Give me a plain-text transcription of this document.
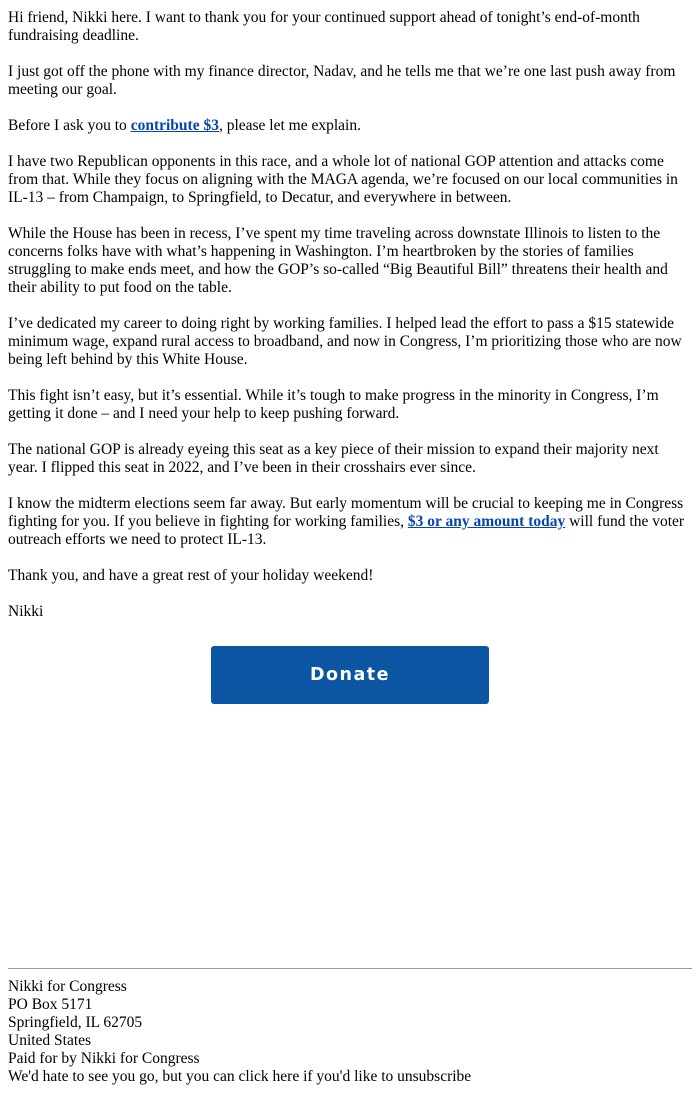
Hi friend, Nikki here. I want to thank you for your continued support ahead of tonight’s end-of-month fundraising deadline.

I just got off the phone with my finance director, Nadav, and he tells me that we’re one last push away from meeting our goal.

Before I ask you to contribute $3, please let me explain.

I have two Republican opponents in this race, and a whole lot of national GOP attention and attacks come from that. While they focus on aligning with the MAGA agenda, we’re focused on our local communities in IL-13 – from Champaign, to Springfield, to Decatur, and everywhere in between.

While the House has been in recess, I’ve spent my time traveling across downstate Illinois to listen to the concerns folks have with what’s happening in Washington. I’m heartbroken by the stories of families struggling to make ends meet, and how the GOP’s so-called “Big Beautiful Bill” threatens their health and their ability to put food on the table.

I’ve dedicated my career to doing right by working families. I helped lead the effort to pass a $15 statewide minimum wage, expand rural access to broadband, and now in Congress, I’m prioritizing those who are now being left behind by this White House.

This fight isn’t easy, but it’s essential. While it’s tough to make progress in the minority in Congress, I’m getting it done – and I need your help to keep pushing forward.

The national GOP is already eyeing this seat as a key piece of their mission to expand their majority next year. I flipped this seat in 2022, and I’ve been in their crosshairs ever since.

I know the midterm elections seem far away. But early momentum will be crucial to keeping me in Congress fighting for you. If you believe in fighting for working families, $3 or any amount today will fund the voter outreach efforts we need to protect IL-13.

Thank you, and have a great rest of your holiday weekend!

Nikki

Donate
Nikki for Congress
PO Box 5171
Springfield, IL 62705
United States
Paid for by Nikki for Congress
We'd hate to see you go, but you can click here if you'd like to unsubscribe
